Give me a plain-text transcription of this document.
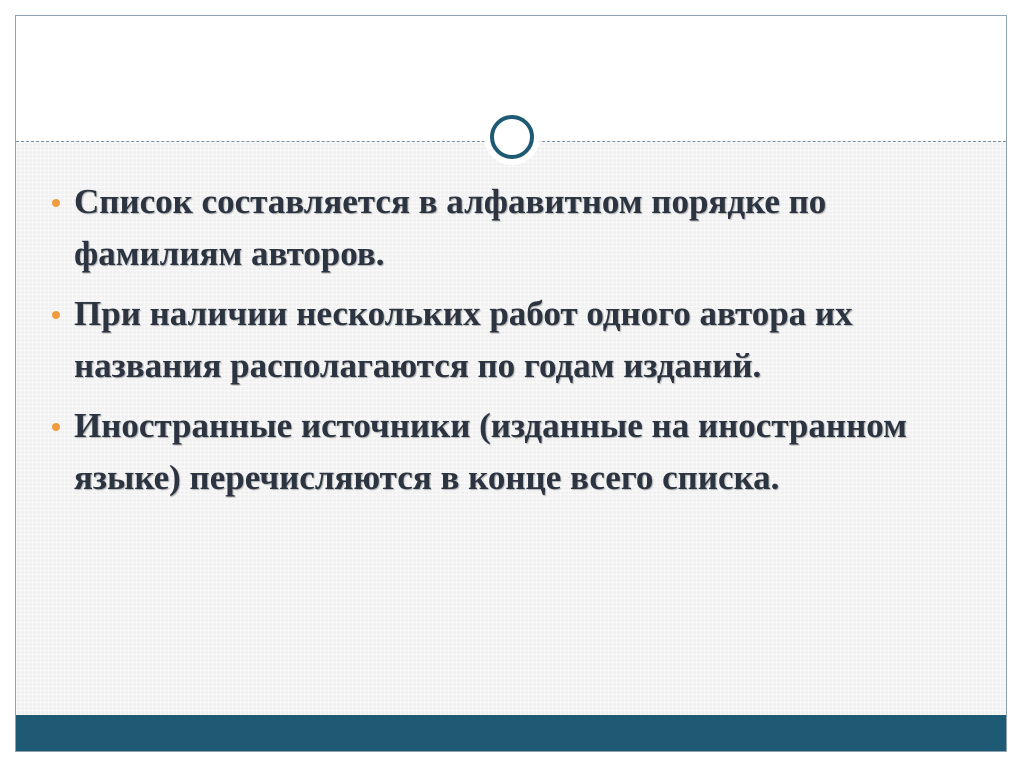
Список составляется в алфавитном порядке по фамилиям авторов.
При наличии нескольких работ одного автора их названия располагаются по годам изданий.
Иностранные источники (изданные на иностранном языке) перечисляются в конце всего списка.
